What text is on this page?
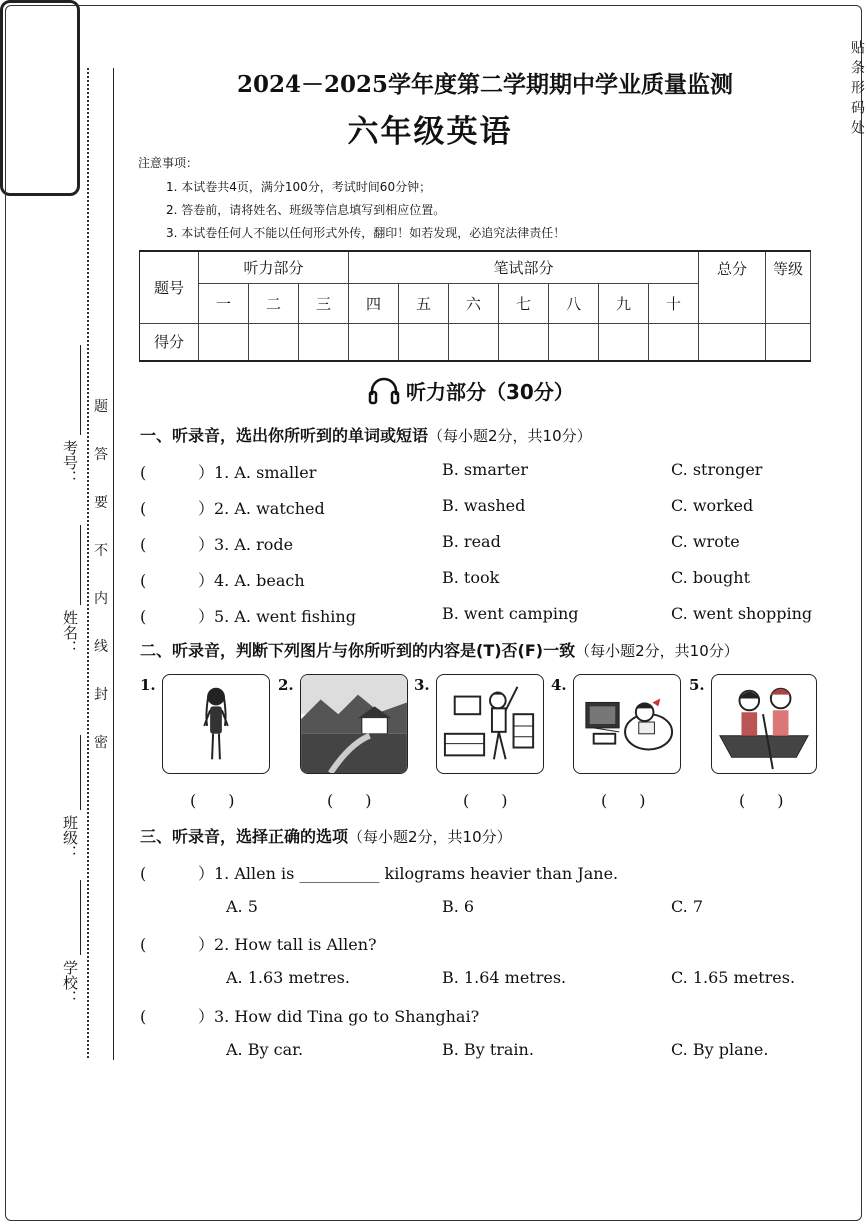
贴条形码处
题
答
要
不
内
线
封
密
考号：
姓名：
班级：
学校：
2024－2025学年度第二学期期中学业质量监测
六年级英语
注意事项：
1. 本试卷共4页，满分100分，考试时间60分钟；
2. 答卷前，请将姓名、班级等信息填写到相应位置。
3. 本试卷任何人不能以任何形式外传，翻印！如若发现，必追究法律责任！
题号	听力部分			笔试部分							总分	等级
	一	二	三	四	五	六	七	八	九	十		
得分												
听力部分（30分）
一、听录音，选出你所听到的单词或短语（每小题2分，共10分）
(	）1. A. smaller	B. smarter	C. stronger
(	）2. A. watched	B. washed	C. worked
(	）3. A. rode	B. read	C. wrote
(	）4. A. beach	B. took	C. bought
(	）5. A. went fishing	B. went camping	C. went shopping
二、听录音，判断下列图片与你所听到的内容是(T)否(F)一致（每小题2分，共10分）
1.	2.	3.	4.	5.
(　　)	(　　)	(　　)	(　　)	(　　)
三、听录音，选择正确的选项（每小题2分，共10分）
(	）1. Allen is __________ kilograms heavier than Jane.
A. 5	B. 6	C. 7
(	）2. How tall is Allen?
A. 1.63 metres.	B. 1.64 metres.	C. 1.65 metres.
(	）3. How did Tina go to Shanghai?
A. By car.	B. By train.	C. By plane.
